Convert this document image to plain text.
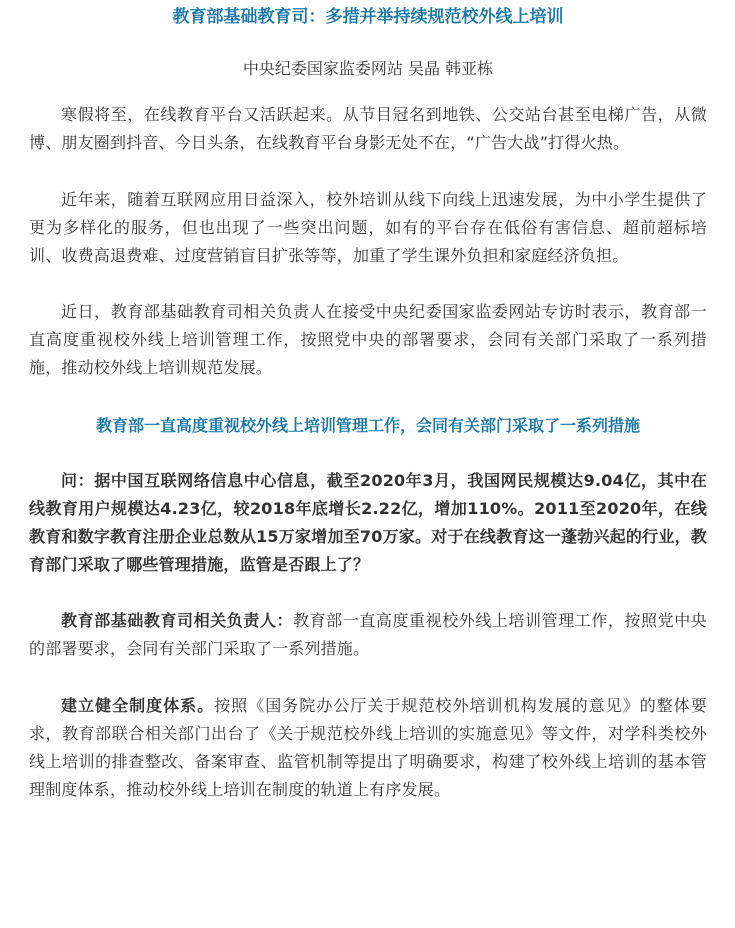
教育部基础教育司：多措并举持续规范校外线上培训

中央纪委国家监委网站 吴晶 韩亚栋

寒假将至，在线教育平台又活跃起来。从节目冠名到地铁、公交站台甚至电梯广告，从微博、朋友圈到抖音、今日头条，在线教育平台身影无处不在，“广告大战”打得火热。

近年来，随着互联网应用日益深入，校外培训从线下向线上迅速发展，为中小学生提供了更为多样化的服务，但也出现了一些突出问题，如有的平台存在低俗有害信息、超前超标培训、收费高退费难、过度营销盲目扩张等等，加重了学生课外负担和家庭经济负担。

近日，教育部基础教育司相关负责人在接受中央纪委国家监委网站专访时表示，教育部一直高度重视校外线上培训管理工作，按照党中央的部署要求，会同有关部门采取了一系列措施，推动校外线上培训规范发展。

教育部一直高度重视校外线上培训管理工作，会同有关部门采取了一系列措施

问：据中国互联网络信息中心信息，截至2020年3月，我国网民规模达9.04亿，其中在线教育用户规模达4.23亿，较2018年底增长2.22亿，增加110%。2011至2020年，在线教育和数字教育注册企业总数从15万家增加至70万家。对于在线教育这一蓬勃兴起的行业，教育部门采取了哪些管理措施，监管是否跟上了？

教育部基础教育司相关负责人：教育部一直高度重视校外线上培训管理工作，按照党中央的部署要求，会同有关部门采取了一系列措施。

建立健全制度体系。按照《国务院办公厅关于规范校外培训机构发展的意见》的整体要求，教育部联合相关部门出台了《关于规范校外线上培训的实施意见》等文件，对学科类校外线上培训的排查整改、备案审查、监管机制等提出了明确要求，构建了校外线上培训的基本管理制度体系，推动校外线上培训在制度的轨道上有序发展。
